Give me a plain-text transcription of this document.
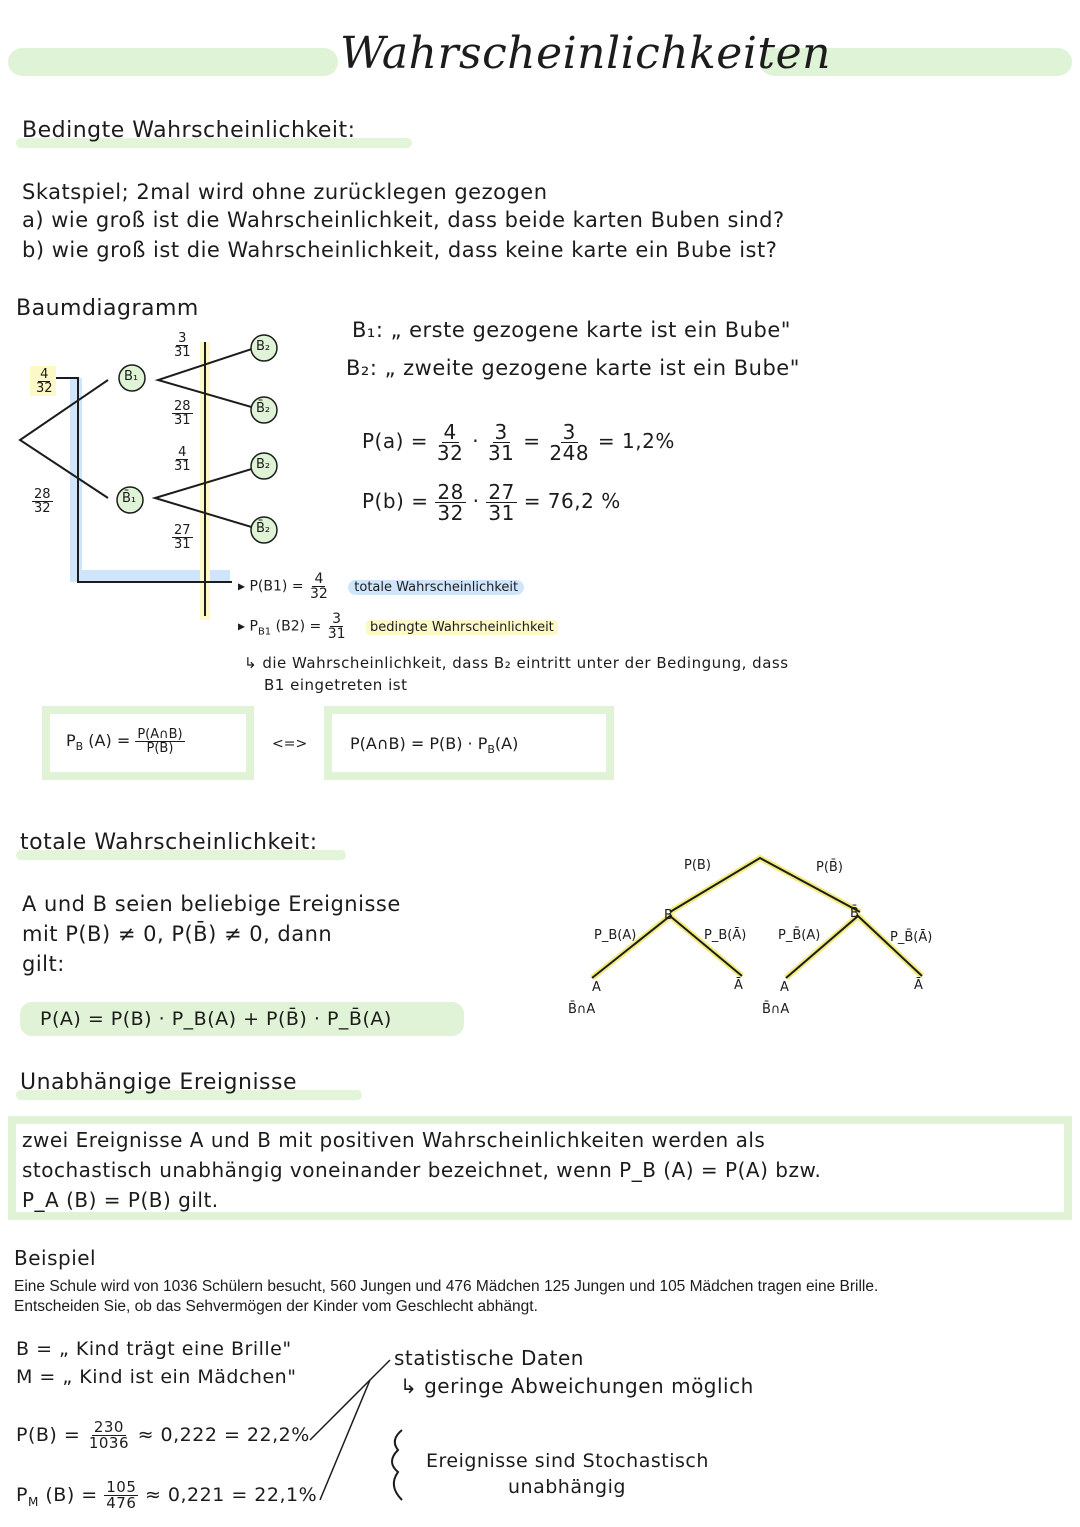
Wahrscheinlichkeiten
Bedingte Wahrscheinlichkeit:
Skatspiel; 2mal wird ohne zurücklegen gezogen
a) wie groß ist die Wahrscheinlichkeit, dass beide karten Buben sind?
b) wie groß ist die Wahrscheinlichkeit, dass keine karte ein Bube ist?
Baumdiagramm
B₁
B̄₁
B₂
B̄₂
B₂
B̄₂
$\frac{4}{32}$
$\frac{28}{32}$
$\frac{3}{31}$
$\frac{28}{31}$
$\frac{4}{31}$
$\frac{27}{31}$
B₁: „ erste gezogene karte ist ein Bube"
B₂: „ zweite gezogene karte ist ein Bube"
$P(a) = \frac{4}{32} \cdot \frac{3}{31} = \frac{3}{248} = 1,2\%$
$P(b) = \frac{28}{32} \cdot \frac{27}{31} = 76,2$ %
▸ $P(B1) = \frac{4}{32}$ totale Wahrscheinlichkeit
▸ $P_{B1}$ $(B2) = \frac{3}{31}$ bedingte Wahrscheinlichkeit
↳ die Wahrscheinlichkeit, dass B₂ eintritt unter der Bedingung, dass
B1 eingetreten ist
$P_B$ $(A) = \frac{P(A\cap B)}{P(B)}$	<=>	P(A∩B) = $P(B) \cdot P_B(A)$
totale Wahrscheinlichkeit:
A und B seien beliebige Ereignisse
mit P(B) ≠ 0, P(B̄) ≠ 0, dann
gilt:
P(A) = P(B) · P_B(A) + P(B̄) · P_B̄(A)
P(B)	P(B̄)
B	B̄
P_B(A)	P_B(Ā) P_B̄(A)	P_B̄(Ā)
A	Ā	A	Ā
B̄∩A	B̄∩A
Unabhängige Ereignisse
zwei Ereignisse A und B mit positiven Wahrscheinlichkeiten werden als
stochastisch unabhängig voneinander bezeichnet, wenn P_B (A) = P(A) bzw.
P_A (B) = P(B) gilt.
Beispiel
Eine Schule wird von 1036 Schülern besucht, 560 Jungen und 476 Mädchen 125 Jungen und 105 Mädchen tragen eine Brille.
Entscheiden Sie, ob das Sehvermögen der Kinder vom Geschlecht abhängt.
B = „ Kind trägt eine Brille"
M = „ Kind ist ein Mädchen"
$P(B) = \frac{230}{1036} \approx 0,222 = 22,2\%$
$P_M$ $(B) = \frac{105}{476} \approx 0,221 = 22,1\%$
statistische Daten
↳ geringe Abweichungen möglich
Ereignisse sind Stochastisch
unabhängig
